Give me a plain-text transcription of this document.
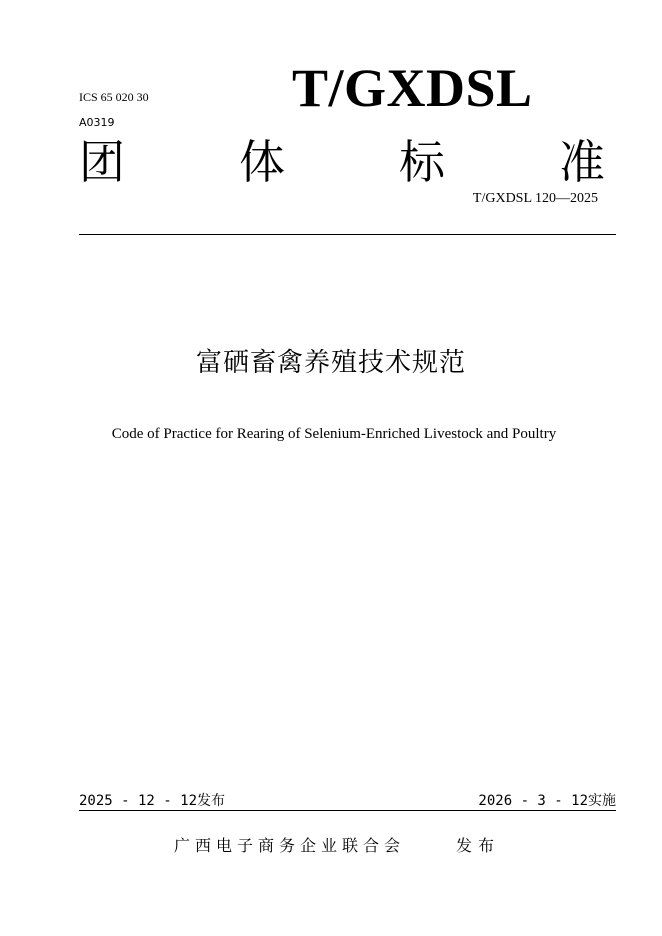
ICS 65 020 30
A0319
T/GXDSL
团 体 标 准
T/GXDSL 120—2025
富硒畜禽养殖技术规范
Code of Practice for Rearing of Selenium-Enriched Livestock and Poultry
2025 - 12 - 12发布	2026 - 3 - 12实施
广西电子商务企业联合会	发布
